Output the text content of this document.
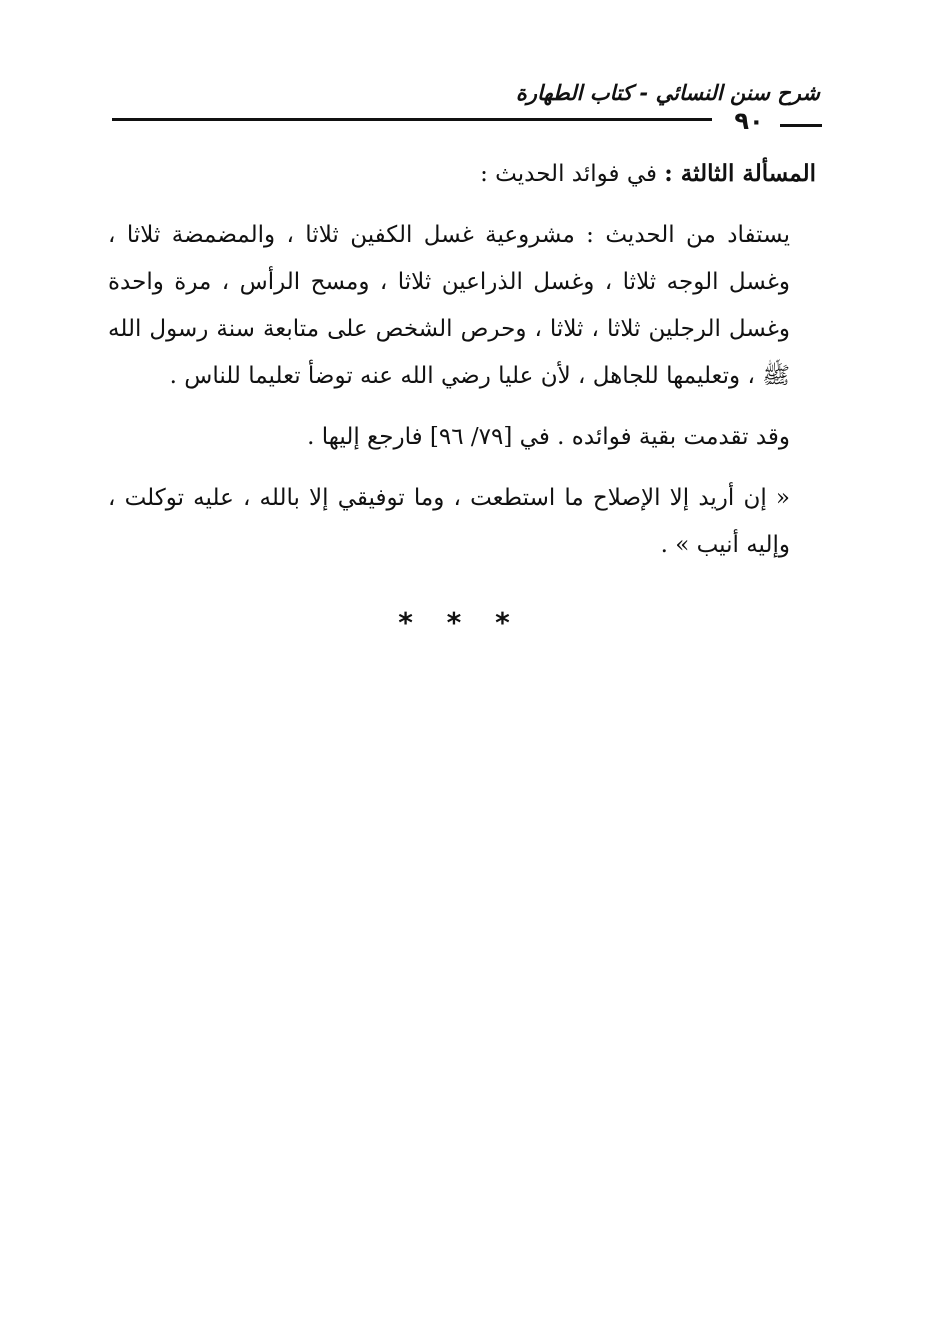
شرح سنن النسائي - كتاب الطهارة
٩٠

المسألة الثالثة : في فوائد الحديث :

يستفاد من الحديث : مشروعية غسل الكفين ثلاثا ، والمضمضة ثلاثا ، وغسل الوجه ثلاثا ، وغسل الذراعين ثلاثا ، ومسح الرأس ، مرة واحدة وغسل الرجلين ثلاثا ، ثلاثا ، وحرص الشخص على متابعة سنة رسول الله ﷺ ، وتعليمها للجاهل ، لأن عليا رضي الله عنه توضأ تعليما للناس .

وقد تقدمت بقية فوائده . في [٧٩/ ٩٦] فارجع إليها .

« إن أريد إلا الإصلاح ما استطعت ، وما توفيقي إلا بالله ، عليه توكلت ، وإليه أنيب » .

* * *
